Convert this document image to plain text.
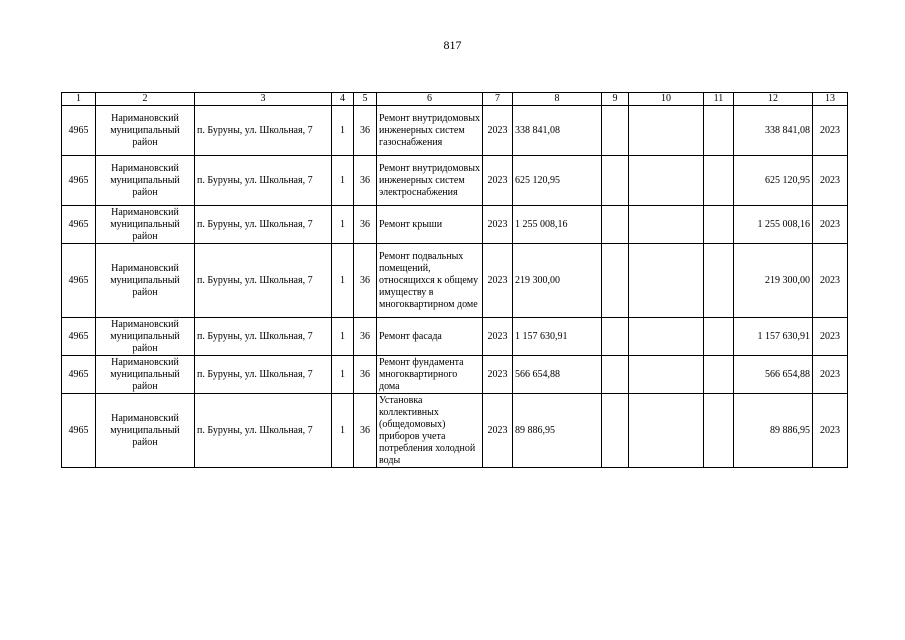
817
1	2	3	4	5	6	7	8	9	10	11	12	13
4965	Наримановский муниципальный район	п. Буруны, ул. Школьная, 7	1	36	Ремонт внутридомовых инженерных систем газоснабжения	2023	338 841,08				338 841,08	2023
4965	Наримановский муниципальный район	п. Буруны, ул. Школьная, 7	1	36	Ремонт внутридомовых инженерных систем электроснабжения	2023	625 120,95				625 120,95	2023
4965	Наримановский муниципальный район	п. Буруны, ул. Школьная, 7	1	36	Ремонт крыши	2023	1 255 008,16				1 255 008,16	2023
4965	Наримановский муниципальный район	п. Буруны, ул. Школьная, 7	1	36	Ремонт подвальных помещений, относящихся к общему имуществу в многоквартирном доме	2023	219 300,00				219 300,00	2023
4965	Наримановский муниципальный район	п. Буруны, ул. Школьная, 7	1	36	Ремонт фасада	2023	1 157 630,91				1 157 630,91	2023
4965	Наримановский муниципальный район	п. Буруны, ул. Школьная, 7	1	36	Ремонт фундамента многоквартирного дома	2023	566 654,88				566 654,88	2023
4965	Наримановский муниципальный район	п. Буруны, ул. Школьная, 7	1	36	Установка коллективных (общедомовых) приборов учета потребления холодной воды	2023	89 886,95				89 886,95	2023
